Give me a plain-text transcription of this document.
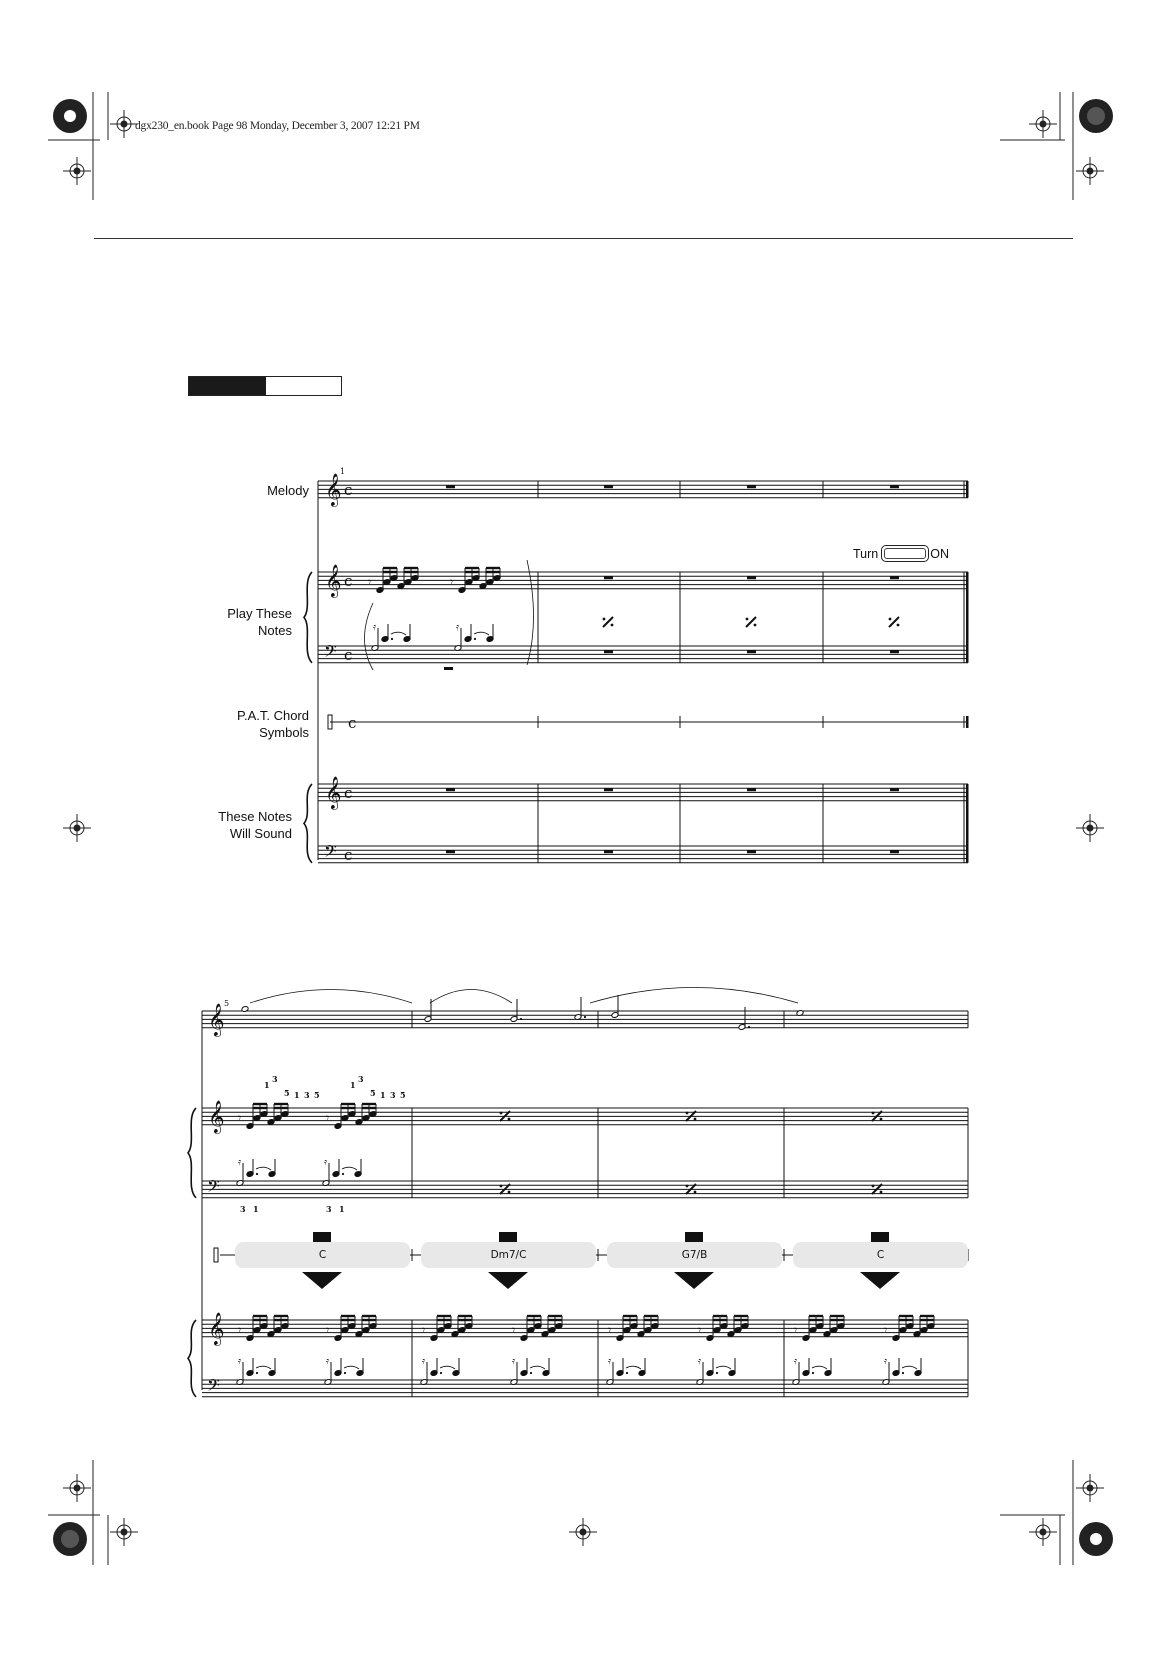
dgx230_en.book Page 98 Monday, December 3, 2007 12:21 PM
Melody
Play These
Notes
P.A.T. Chord
Symbols
These Notes
Will Sound
Turn	ON
𝄞 c
𝄞
𝄢
c
c
𝄾	𝄾
𝄿	𝄿
c
𝄞
𝄢
c
c
1
𝄞
𝄞
𝄢
𝄾	𝄾
𝄿	𝄿
𝄞
𝄢
𝄾
𝄿
𝄾
𝄿
𝄾
𝄿
𝄾
𝄿
𝄾
𝄿
𝄾
𝄿
𝄾
𝄿
𝄾
𝄿
5
1
3
5 1 3 5
1
3
5 1 3 5
3 1	3 1
C	Dm7/C	G7/B	C
